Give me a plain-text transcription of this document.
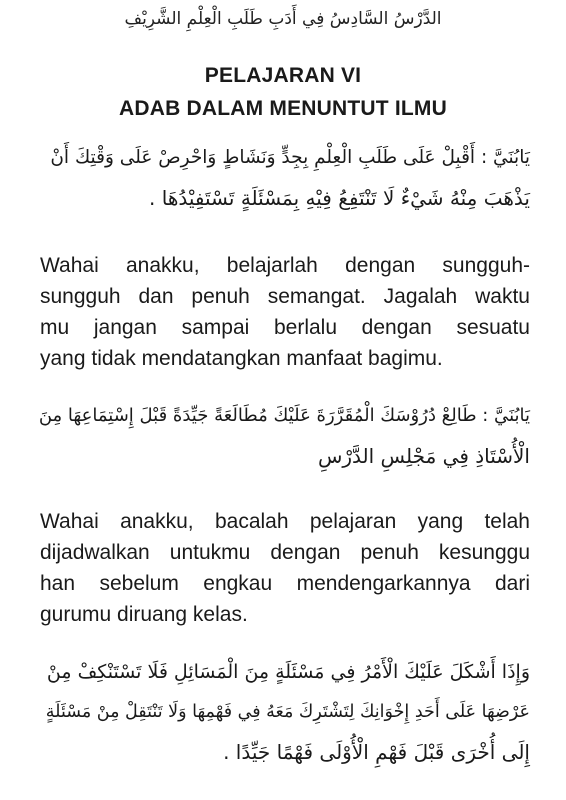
الدَّرْسُ السَّادِسُ فِي أَدَبِ طَلَبِ الْعِلْمِ الشَّرِيْفِ
PELAJARAN VI
ADAB DALAM MENUNTUT ILMU
يَابُنَيَّ : أَقْبِلْ عَلَى طَلَبِ الْعِلْمِ بِجِدٍّ وَنَشَاطٍ وَاحْرِصْ عَلَى وَقْتِكَ أَنْ
يَذْهَبَ مِنْهُ شَيْءٌ لَا تَنْتَفِعُ فِيْهِ بِمَسْئَلَةٍ تَسْتَفِيْدُهَا .
Wahai anakku, belajarlah dengan sungguh-
sungguh dan penuh semangat. Jagalah waktu
mu jangan sampai berlalu dengan sesuatu
yang tidak mendatangkan manfaat bagimu.
يَابُنَيَّ : طَالِعْ دُرُوْسَكَ الْمُقَرَّرَةَ عَلَيْكَ مُطَالَعَةً جَيِّدَةً قَبْلَ إِسْتِمَاعِهَا مِنَ
الْأُسْتَاذِ فِي مَجْلِسِ الدَّرْسِ
Wahai anakku, bacalah pelajaran yang telah
dijadwalkan untukmu dengan penuh kesunggu
han sebelum engkau mendengarkannya dari
gurumu diruang kelas.
وَإِذَا أَشْكَلَ عَلَيْكَ الْأَمْرُ فِي مَسْئَلَةٍ مِنَ الْمَسَائِلِ فَلَا تَسْتَنْكِفْ مِنْ
عَرْضِهَا عَلَى أَحَدِ إِخْوَانِكَ لِتَشْتَرِكَ مَعَهُ فِي فَهْمِهَا وَلَا تَنْتَقِلْ مِنْ مَسْئَلَةٍ
إِلَى أُخْرَى قَبْلَ فَهْمِ الْأُوْلَى فَهْمًا جَيِّدًا .
